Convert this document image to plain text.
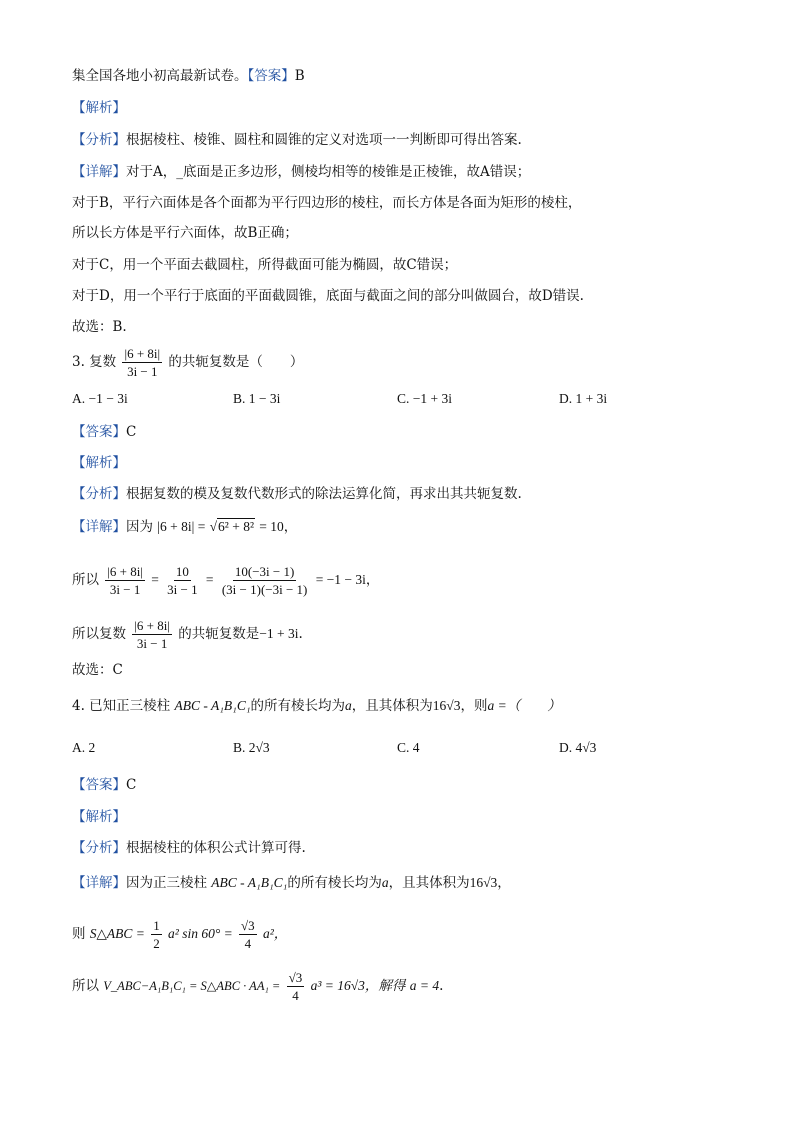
集全国各地小初高最新试卷。【答案】B
【解析】
【分析】根据棱柱、棱锥、圆柱和圆锥的定义对选项一一判断即可得出答案.
【详解】对于A，_底面是正多边形，侧棱均相等的棱锥是正棱锥，故A错误；
对于B，平行六面体是各个面都为平行四边形的棱柱，而长方体是各面为矩形的棱柱，
所以长方体是平行六面体，故B正确；
对于C，用一个平面去截圆柱，所得截面可能为椭圆，故C错误；
对于D，用一个平行于底面的平面截圆锥，底面与截面之间的部分叫做圆台，故D错误.
故选：B.
3. 复数 $\frac{|6 + 8i|}{3i - 1}$ 的共轭复数是（　　）
A. −1 − 3i	B. 1 − 3i	C. −1 + 3i	D. 1 + 3i
【答案】C
【解析】
【分析】根据复数的模及复数代数形式的除法运算化简，再求出其共轭复数.
【详解】因为 |6 + 8i| = √6² + 8² = 10，
所以 $\frac{|6 + 8i|}{3i - 1} = \frac{10}{3i - 1} = \frac{10(-3i - 1)}{(3i - 1)(-3i - 1)} = -1 - 3i$，
所以复数 $\frac{|6 + 8i|}{3i - 1}$ 的共轭复数是−1 + 3i.
故选：C
4. 已知正三棱柱 ABC - A₁B₁C₁的所有棱长均为a，且其体积为16√3，则a =（　　）
A. 2	B. 2√3	C. 4	D. 4√3
【答案】C
【解析】
【分析】根据棱柱的体积公式计算可得.
【详解】因为正三棱柱 ABC - A₁B₁C₁的所有棱长均为a，且其体积为16√3，
则 S△ABC = $\frac{1}{2} a^2$ $\sin 60^\circ = \frac{√3}{4} a^2$，
所以 V_ABC−A₁B₁C₁ = S△ABC · $AA_1 = \frac{√3}{4} a^3 = 16√3$，解得 a = 4.
